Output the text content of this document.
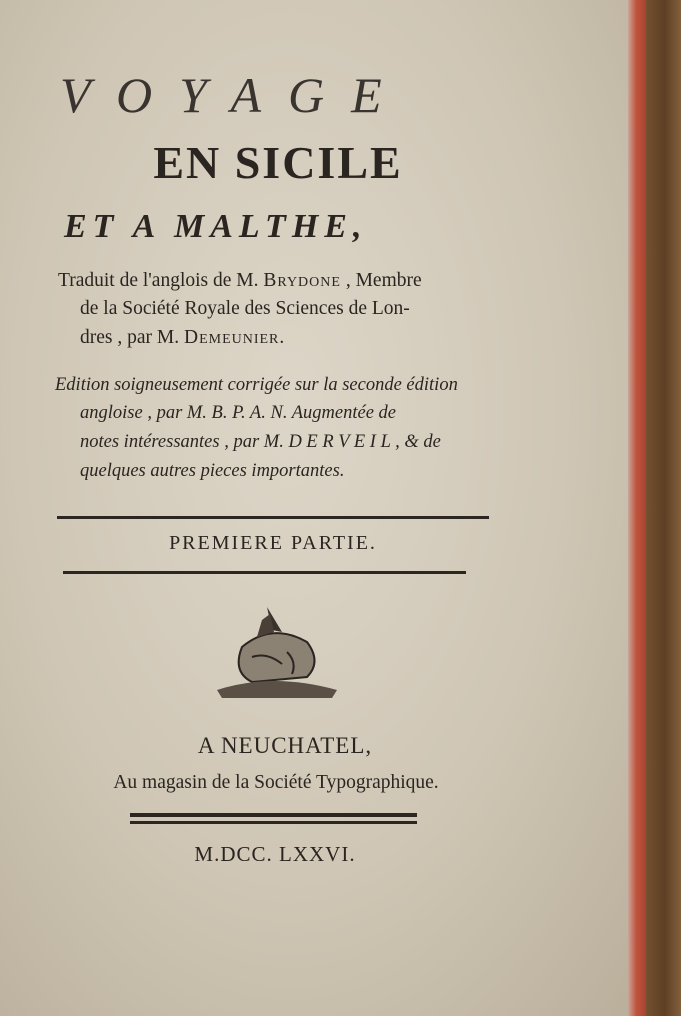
VOYAGE
EN SICILE
ET A MALTHE,
Traduit de l'anglois de M. Brydone , Membre
de la Société Royale des Sciences de Lon-
dres , par M. Demeunier.
Edition soigneusement corrigée sur la seconde édition
angloise , par M. B. P. A. N. Augmentée de
notes intéressantes , par M. D E R V E I L , & de
quelques autres pieces importantes.
PREMIERE PARTIE.
A NEUCHATEL,
Au magasin de la Société Typographique.
M.DCC. LXXVI.
